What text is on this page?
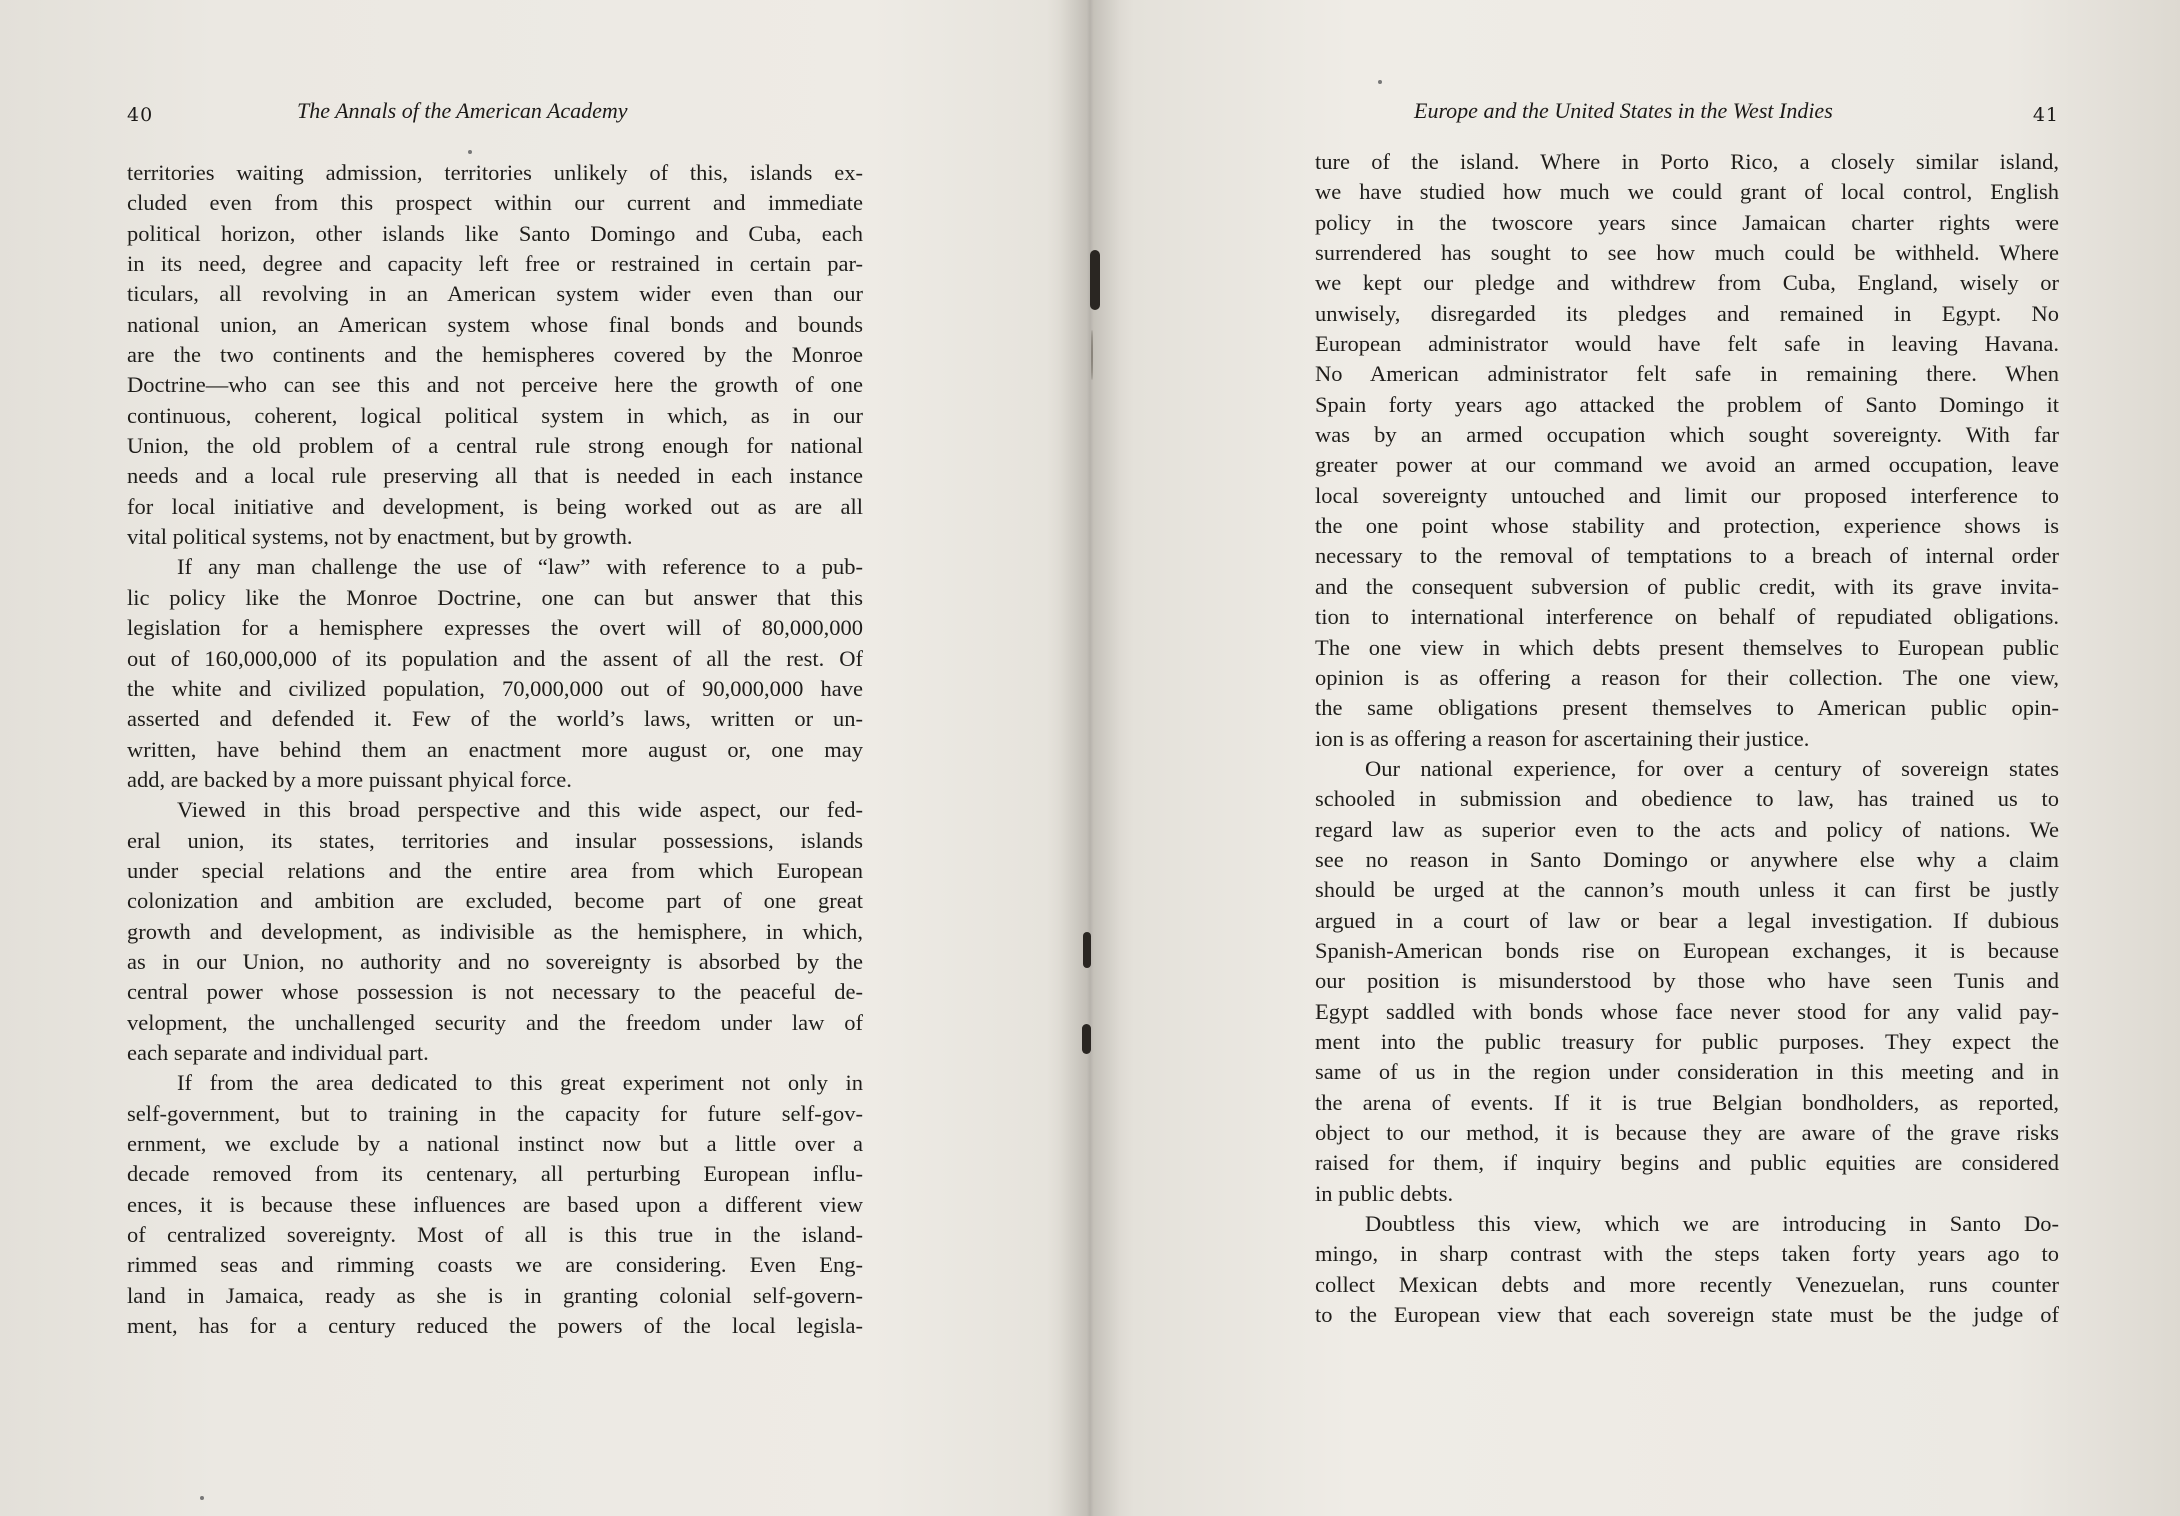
40	The Annals of the American Academy
territories waiting admission, territories unlikely of this, islands ex-
cluded even from this prospect within our current and immediate
political horizon, other islands like Santo Domingo and Cuba, each
in its need, degree and capacity left free or restrained in certain par-
ticulars, all revolving in an American system wider even than our
national union, an American system whose final bonds and bounds
are the two continents and the hemispheres covered by the Monroe
Doctrine—who can see this and not perceive here the growth of one
continuous, coherent, logical political system in which, as in our
Union, the old problem of a central rule strong enough for national
needs and a local rule preserving all that is needed in each instance
for local initiative and development, is being worked out as are all
vital political systems, not by enactment, but by growth.
If any man challenge the use of “law” with reference to a pub-
lic policy like the Monroe Doctrine, one can but answer that this
legislation for a hemisphere expresses the overt will of 80,000,000
out of 160,000,000 of its population and the assent of all the rest. Of
the white and civilized population, 70,000,000 out of 90,000,000 have
asserted and defended it. Few of the world’s laws, written or un-
written, have behind them an enactment more august or, one may
add, are backed by a more puissant phyical force.
Viewed in this broad perspective and this wide aspect, our fed-
eral union, its states, territories and insular possessions, islands
under special relations and the entire area from which European
colonization and ambition are excluded, become part of one great
growth and development, as indivisible as the hemisphere, in which,
as in our Union, no authority and no sovereignty is absorbed by the
central power whose possession is not necessary to the peaceful de-
velopment, the unchallenged security and the freedom under law of
each separate and individual part.
If from the area dedicated to this great experiment not only in
self-government, but to training in the capacity for future self-gov-
ernment, we exclude by a national instinct now but a little over a
decade removed from its centenary, all perturbing European influ-
ences, it is because these influences are based upon a different view
of centralized sovereignty. Most of all is this true in the island-
rimmed seas and rimming coasts we are considering. Even Eng-
land in Jamaica, ready as she is in granting colonial self-govern-
ment, has for a century reduced the powers of the local legisla-
Europe and the United States in the West Indies	41
ture of the island. Where in Porto Rico, a closely similar island,
we have studied how much we could grant of local control, English
policy in the twoscore years since Jamaican charter rights were
surrendered has sought to see how much could be withheld. Where
we kept our pledge and withdrew from Cuba, England, wisely or
unwisely, disregarded its pledges and remained in Egypt. No
European administrator would have felt safe in leaving Havana.
No American administrator felt safe in remaining there. When
Spain forty years ago attacked the problem of Santo Domingo it
was by an armed occupation which sought sovereignty. With far
greater power at our command we avoid an armed occupation, leave
local sovereignty untouched and limit our proposed interference to
the one point whose stability and protection, experience shows is
necessary to the removal of temptations to a breach of internal order
and the consequent subversion of public credit, with its grave invita-
tion to international interference on behalf of repudiated obligations.
The one view in which debts present themselves to European public
opinion is as offering a reason for their collection. The one view,
the same obligations present themselves to American public opin-
ion is as offering a reason for ascertaining their justice.
Our national experience, for over a century of sovereign states
schooled in submission and obedience to law, has trained us to
regard law as superior even to the acts and policy of nations. We
see no reason in Santo Domingo or anywhere else why a claim
should be urged at the cannon’s mouth unless it can first be justly
argued in a court of law or bear a legal investigation. If dubious
Spanish-American bonds rise on European exchanges, it is because
our position is misunderstood by those who have seen Tunis and
Egypt saddled with bonds whose face never stood for any valid pay-
ment into the public treasury for public purposes. They expect the
same of us in the region under consideration in this meeting and in
the arena of events. If it is true Belgian bondholders, as reported,
object to our method, it is because they are aware of the grave risks
raised for them, if inquiry begins and public equities are considered
in public debts.
Doubtless this view, which we are introducing in Santo Do-
mingo, in sharp contrast with the steps taken forty years ago to
collect Mexican debts and more recently Venezuelan, runs counter
to the European view that each sovereign state must be the judge of
